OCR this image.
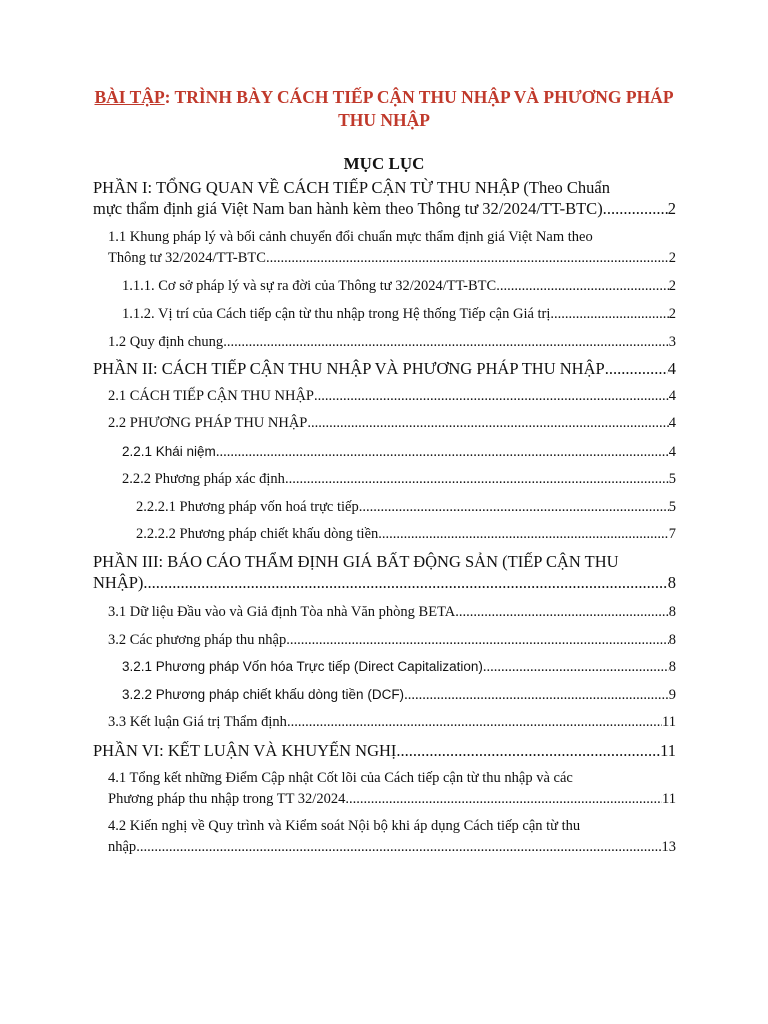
BÀI TẬP: TRÌNH BÀY CÁCH TIẾP CẬN THU NHẬP VÀ PHƯƠNG PHÁP THU NHẬP
MỤC LỤC
PHẦN I: TỔNG QUAN VỀ CÁCH TIẾP CẬN TỪ THU NHẬP (Theo Chuẩn
mực thẩm định giá Việt Nam ban hành kèm theo Thông tư 32/2024/TT-BTC). .....	2
1.1 Khung pháp lý và bối cảnh chuyển đổi chuẩn mực thẩm định giá Việt Nam theo
Thông tư 32/2024/TT-BTC .....	2
1.1.1. Cơ sở pháp lý và sự ra đời của Thông tư 32/2024/TT-BTC .....	2
1.1.2. Vị trí của Cách tiếp cận từ thu nhập trong Hệ thống Tiếp cận Giá trị .....	2
1.2 Quy định chung .....	3
PHẦN II: CÁCH TIẾP CẬN THU NHẬP VÀ PHƯƠNG PHÁP THU NHẬP .....	4
2.1 CÁCH TIẾP CẬN THU NHẬP .....	4
2.2 PHƯƠNG PHÁP THU NHẬP .....	4
2.2.1 Khái niệm .....	4
2.2.2 Phương pháp xác định .....	5
2.2.2.1 Phương pháp vốn hoá trực tiếp .....	5
2.2.2.2 Phương pháp chiết khấu dòng tiền .....	7
PHẦN III: BÁO CÁO THẨM ĐỊNH GIÁ BẤT ĐỘNG SẢN (TIẾP CẬN THU
NHẬP) .....	8
3.1 Dữ liệu Đầu vào và Giả định Tòa nhà Văn phòng BETA .....	8
3.2 Các phương pháp thu nhập .....	8
3.2.1 Phương pháp Vốn hóa Trực tiếp (Direct Capitalization) .....	8
3.2.2 Phương pháp chiết khấu dòng tiền (DCF) .....	9
3.3 Kết luận Giá trị Thẩm định .....	11
PHẦN VI: KẾT LUẬN VÀ KHUYẾN NGHỊ .....	11
4.1 Tổng kết những Điểm Cập nhật Cốt lõi của Cách tiếp cận từ thu nhập và các
Phương pháp thu nhập trong TT 32/2024 .....	11
4.2 Kiến nghị về Quy trình và Kiểm soát Nội bộ khi áp dụng Cách tiếp cận từ thu
nhập .....	13
